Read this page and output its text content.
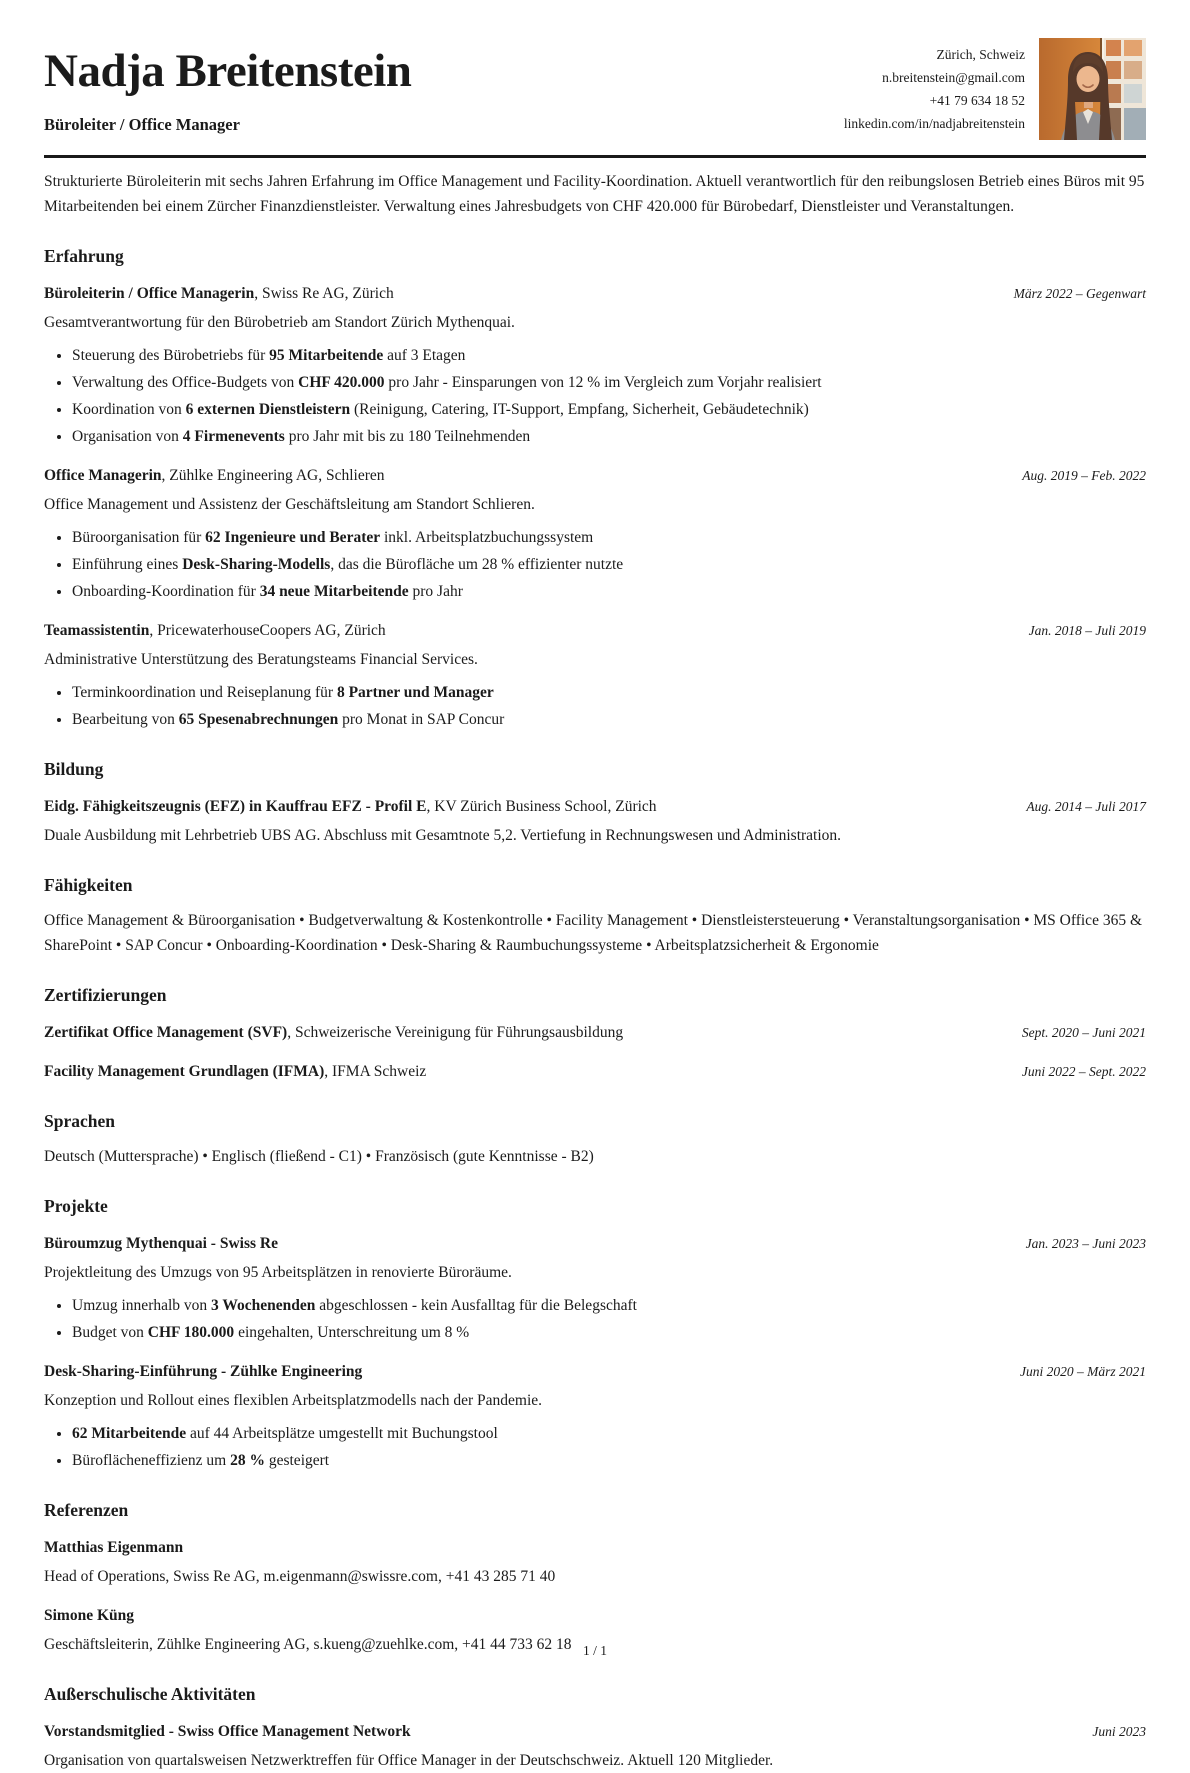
Nadja Breitenstein
Büroleiter / Office Manager
Zürich, Schweiz
n.breitenstein@gmail.com
+41 79 634 18 52
linkedin.com/in/nadjabreitenstein

Strukturierte Büroleiterin mit sechs Jahren Erfahrung im Office Management und Facility-Koordination. Aktuell verantwortlich für den reibungslosen Betrieb eines Büros mit 95 Mitarbeitenden bei einem Zürcher Finanzdienstleister. Verwaltung eines Jahresbudgets von CHF 420.000 für Bürobedarf, Dienstleister und Veranstaltungen.

Erfahrung
Büroleiterin / Office Managerin, Swiss Re AG, Zürich	März 2022 – Gegenwart

Gesamtverantwortung für den Bürobetrieb am Standort Zürich Mythenquai.

• Steuerung des Bürobetriebs für 95 Mitarbeitende auf 3 Etagen
• Verwaltung des Office-Budgets von CHF 420.000 pro Jahr - Einsparungen von 12 % im Vergleich zum Vorjahr realisiert
• Koordination von 6 externen Dienstleistern (Reinigung, Catering, IT-Support, Empfang, Sicherheit, Gebäudetechnik)
• Organisation von 4 Firmenevents pro Jahr mit bis zu 180 Teilnehmenden
Office Managerin, Zühlke Engineering AG, Schlieren	Aug. 2019 – Feb. 2022

Office Management und Assistenz der Geschäftsleitung am Standort Schlieren.

• Büroorganisation für 62 Ingenieure und Berater inkl. Arbeitsplatzbuchungssystem
• Einführung eines Desk-Sharing-Modells, das die Bürofläche um 28 % effizienter nutzte
• Onboarding-Koordination für 34 neue Mitarbeitende pro Jahr
Teamassistentin, PricewaterhouseCoopers AG, Zürich	Jan. 2018 – Juli 2019

Administrative Unterstützung des Beratungsteams Financial Services.

• Terminkoordination und Reiseplanung für 8 Partner und Manager
• Bearbeitung von 65 Spesenabrechnungen pro Monat in SAP Concur
Bildung
Eidg. Fähigkeitszeugnis (EFZ) in Kauffrau EFZ - Profil E, KV Zürich Business School, Zürich	Aug. 2014 – Juli 2017

Duale Ausbildung mit Lehrbetrieb UBS AG. Abschluss mit Gesamtnote 5,2. Vertiefung in Rechnungswesen und Administration.

Fähigkeiten

Office Management & Büroorganisation • Budgetverwaltung & Kostenkontrolle • Facility Management • Dienstleistersteuerung • Veranstaltungsorganisation • MS Office 365 & SharePoint • SAP Concur • Onboarding-Koordination • Desk-Sharing & Raumbuchungssysteme • Arbeitsplatzsicherheit & Ergonomie

Zertifizierungen
Zertifikat Office Management (SVF), Schweizerische Vereinigung für Führungsausbildung	Sept. 2020 – Juni 2021
Facility Management Grundlagen (IFMA), IFMA Schweiz	Juni 2022 – Sept. 2022
Sprachen

Deutsch (Muttersprache) • Englisch (fließend - C1) • Französisch (gute Kenntnisse - B2)

Projekte
Büroumzug Mythenquai - Swiss Re	Jan. 2023 – Juni 2023

Projektleitung des Umzugs von 95 Arbeitsplätzen in renovierte Büroräume.

• Umzug innerhalb von 3 Wochenenden abgeschlossen - kein Ausfalltag für die Belegschaft
• Budget von CHF 180.000 eingehalten, Unterschreitung um 8 %
Desk-Sharing-Einführung - Zühlke Engineering	Juni 2020 – März 2021

Konzeption und Rollout eines flexiblen Arbeitsplatzmodells nach der Pandemie.

• 62 Mitarbeitende auf 44 Arbeitsplätze umgestellt mit Buchungstool
• Büroflächeneffizienz um 28 % gesteigert
Referenzen
Matthias Eigenmann

Head of Operations, Swiss Re AG, m.eigenmann@swissre.com, +41 43 285 71 40

Simone Küng

Geschäftsleiterin, Zühlke Engineering AG, s.kueng@zuehlke.com, +41 44 733 62 18

Außerschulische Aktivitäten
Vorstandsmitglied - Swiss Office Management Network	Juni 2023

Organisation von quartalsweisen Netzwerktreffen für Office Manager in der Deutschschweiz. Aktuell 120 Mitglieder.

1 / 1
